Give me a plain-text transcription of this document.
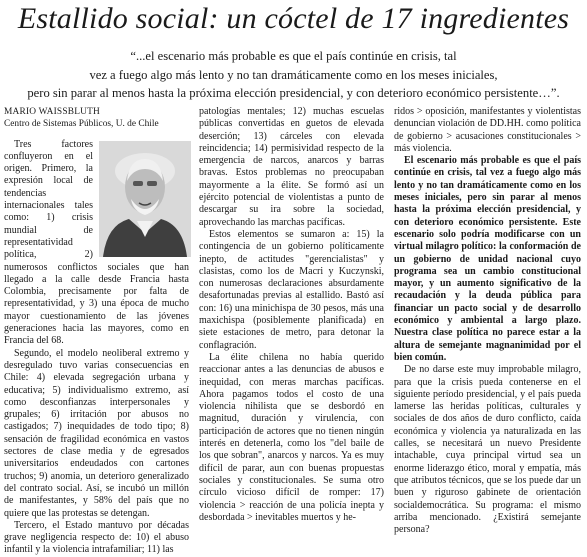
Estallido social: un cóctel de 17 ingredientes
“...el escenario más probable es que el país continúe en crisis, tal
vez a fuego algo más lento y no tan dramáticamente como en los meses iniciales,
pero sin parar al menos hasta la próxima elección presidencial, y con deterioro económico persistente…”.

MARIO WAISSBLUTH

Centro de Sistemas Públicos, U. de Chile

Tres factores confluyeron en el origen. Primero, la expresión local de tendencias internacionales tales como: 1) crisis mundial de representatividad política, 2) numerosos conflictos sociales que han llegado a la calle desde Francia hasta Colombia, precisamente por falta de representatividad, y 3) una época de mucho mayor cuestionamiento de las jóvenes generaciones hacia las mayores, como en Francia del 68.

Segundo, el modelo neoliberal extremo y desregulado tuvo varias consecuencias en Chile: 4) elevada segregación urbana y educativa; 5) individualismo extremo, así como desconfianzas interpersonales y grupales; 6) irritación por abusos no castigados; 7) inequidades de todo tipo; 8) sensación de fragilidad económica en vastos sectores de clase media y de egresados universitarios endeudados con cartones truchos; 9) anomia, un deterioro generalizado del contrato social. Así, se incubó un millón de manifestantes, y 58% del país que no quiere que las protestas se detengan.

Tercero, el Estado mantuvo por décadas grave negligencia respecto de: 10) el abuso infantil y la violencia intrafamiliar; 11) las

patologías mentales; 12) muchas escuelas públicas convertidas en guetos de elevada deserción; 13) cárceles con elevada reincidencia; 14) permisividad respecto de la emergencia de narcos, anarcos y barras bravas. Estos problemas no preocupaban mayormente a la élite. Se formó así un ejército potencial de violentistas a punto de descargar su ira sobre la sociedad, aprovechando las marchas pacíficas.

Estos elementos se sumaron a: 15) la contingencia de un gobierno políticamente inepto, de actitudes "gerencialistas" y clasistas, como los de Macri y Kuczynski, con numerosas declaraciones absurdamente desafortunadas previas al estallido. Bastó así con: 16) una minichispa de 30 pesos, más una maxichispa (posiblemente planificada) en siete estaciones de metro, para detonar la conflagración.

La élite chilena no había querido reaccionar antes a las denuncias de abusos e inequidad, con meras marchas pacíficas. Ahora pagamos todos el costo de una violencia nihilista que se desbordó en magnitud, duración y virulencia, con participación de actores que no tienen ningún interés en detenerla, como los "del baile de los que sobran", anarcos y narcos. Ya es muy difícil de parar, aun con buenas propuestas sociales y constitucionales. Se suma otro círculo vicioso difícil de romper: 17) violencia > reacción de una policía inepta y desbordada > inevitables muertos y he-

ridos > oposición, manifestantes y violentistas denuncian violación de DD.HH. como política de gobierno > acusaciones constitucionales > más violencia.

El escenario más probable es que el país continúe en crisis, tal vez a fuego algo más lento y no tan dramáticamente como en los meses iniciales, pero sin parar al menos hasta la próxima elección presidencial, y con deterioro económico persistente. Este escenario solo podría modificarse con un virtual milagro político: la conformación de un gobierno de unidad nacional cuyo programa sea un cambio constitucional mayor, y un aumento significativo de la recaudación y la deuda pública para financiar un pacto social y de desarrollo económico y ambiental a largo plazo. Nuestra clase política no parece estar a la altura de semejante magnanimidad por el bien común.

De no darse este muy improbable milagro, para que la crisis pueda contenerse en el siguiente período presidencial, y el país pueda lamerse las heridas políticas, culturales y sociales de dos años de duro conflicto, caída económica y violencia ya naturalizada en las calles, se necesitará un nuevo Presidente intachable, cuya principal virtud sea un enorme liderazgo ético, moral y empatía, más que atributos técnicos, que se los puede dar un buen y riguroso gabinete de orientación socialdemocrática. Su programa: el mismo arriba mencionado. ¿Existirá semejante persona?
